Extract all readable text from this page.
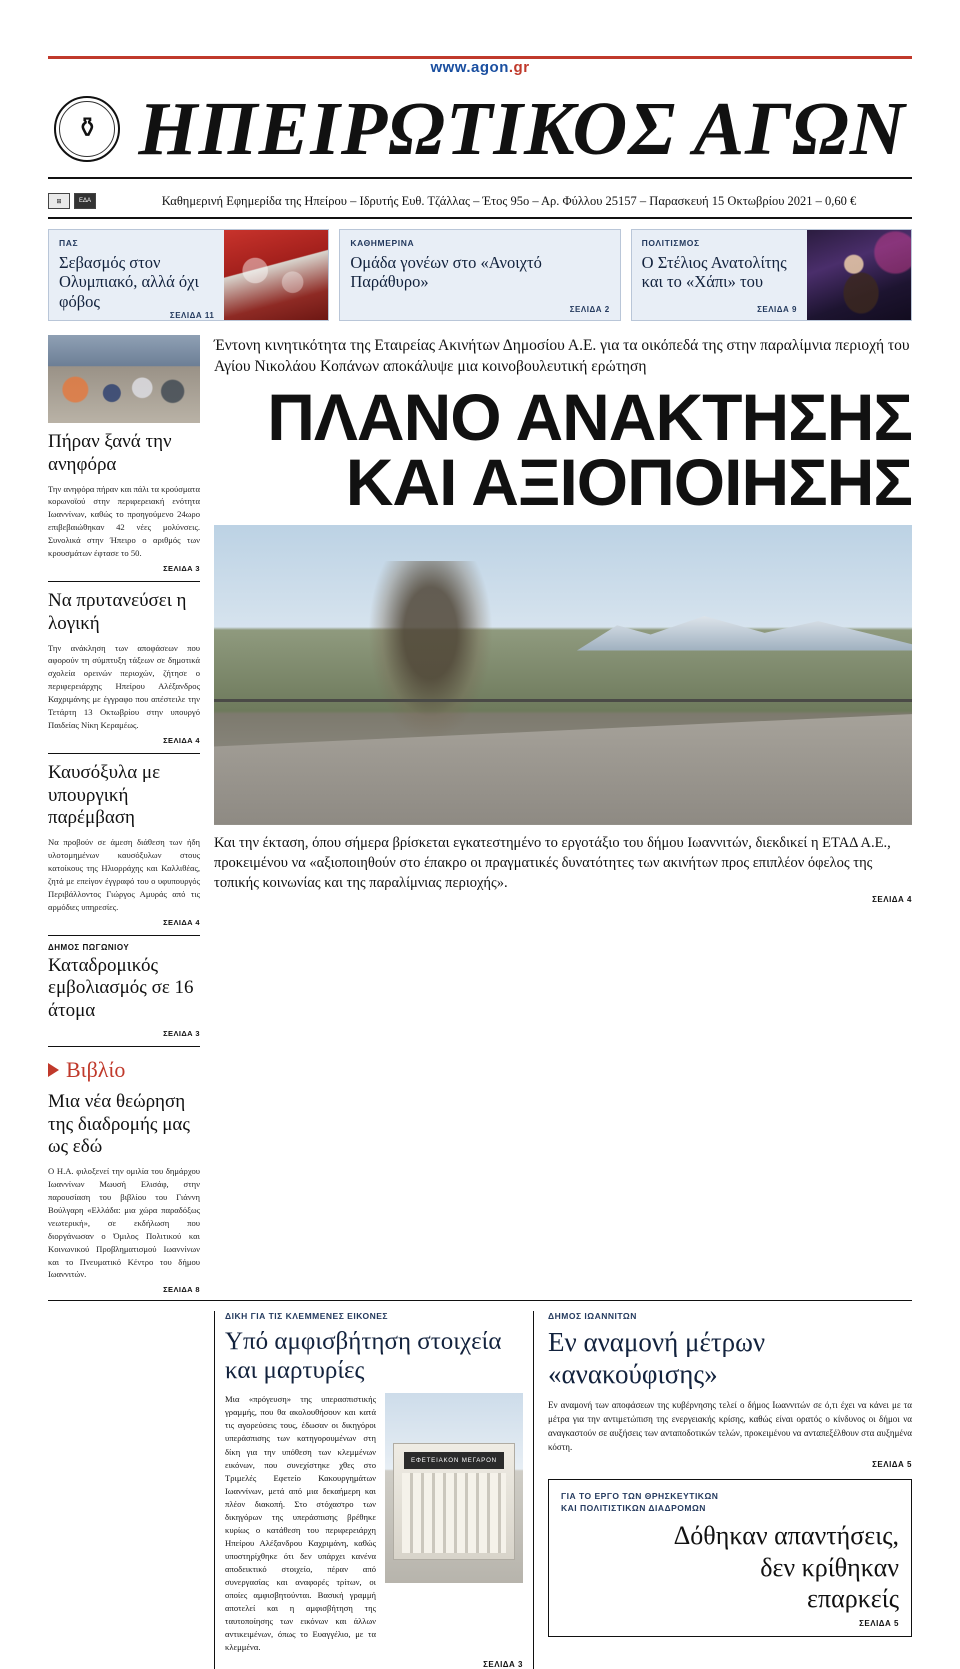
www.agon.gr
⚱ ΗΠΕΙΡΩΤΙΚΟΣ ΑΓΩΝ
⊞	ΕΔΑ	Καθημερινή Εφημερίδα της Ηπείρου – Ιδρυτής Ευθ. Τζάλλας – Έτος 95ο – Αρ. Φύλλου 25157 – Παρασκευή 15 Οκτωβρίου 2021 – 0,60 €
ΠΑΣ
Σεβασμός στον Ολυμπιακό, αλλά όχι φόβος
ΣΕΛΙΔΑ 11
ΚΑΘΗΜΕΡΙΝΑ
Ομάδα γονέων στο «Ανοιχτό Παράθυρο»
ΣΕΛΙΔΑ 2
ΠΟΛΙΤΙΣΜΟΣ
Ο Στέλιος Ανατολίτης και το «Χάπι» του
ΣΕΛΙΔΑ 9
Πήραν ξανά την ανηφόρα
Την ανηφόρα πήραν και πάλι τα κρούσματα κορωνοϊού στην περιφερειακή ενότητα Ιωαννίνων, καθώς το προηγούμενο 24ωρο επιβεβαιώθηκαν 42 νέες μολύνσεις. Συνολικά στην Ήπειρο ο αριθμός των κρουσμάτων έφτασε το 50.
ΣΕΛΙΔΑ 3
Να πρυτανεύσει η λογική
Την ανάκληση των αποφάσεων που αφορούν τη σύμπτυξη τάξεων σε δημοτικά σχολεία ορεινών περιοχών, ζήτησε ο περιφερειάρχης Ηπείρου Αλέξανδρος Καχριμάνης με έγγραφο που απέστειλε την Τετάρτη 13 Οκτωβρίου στην υπουργό Παιδείας Νίκη Κεραμέως.
ΣΕΛΙΔΑ 4
Καυσόξυλα με υπουργική παρέμβαση
Να προβούν σε άμεση διάθεση των ήδη υλοτομημένων καυσόξυλων στους κατοίκους της Ηλιορράχης και Καλλιθέας, ζητά με επείγον έγγραφό του ο υφυπουργός Περιβάλλοντος Γιώργος Αμυράς από τις αρμόδιες υπηρεσίες.
ΣΕΛΙΔΑ 4
ΔΗΜΟΣ ΠΩΓΩΝΙΟΥ
Καταδρομικός εμβολιασμός σε 16 άτομα
ΣΕΛΙΔΑ 3
Βιβλίο
Μια νέα θεώρηση της διαδρομής μας ως εδώ
Ο Η.Α. φιλοξενεί την ομιλία του δημάρχου Ιωαννίνων Μωυσή Ελισάφ, στην παρουσίαση του βιβλίου του Γιάννη Βούλγαρη «Ελλάδα: μια χώρα παραδόξως νεωτερική», σε εκδήλωση που διοργάνωσαν ο Όμιλος Πολιτικού και Κοινωνικού Προβληματισμού Ιωαννίνων και το Πνευματικό Κέντρο του δήμου Ιωαννιτών.
ΣΕΛΙΔΑ 8
Έντονη κινητικότητα της Εταιρείας Ακινήτων Δημοσίου Α.Ε. για τα οικόπεδά της στην παραλίμνια περιοχή του Αγίου Νικολάου Κοπάνων αποκάλυψε μια κοινοβουλευτική ερώτηση
ΠΛΑΝΟ ΑΝΑΚΤΗΣΗΣ
ΚΑΙ ΑΞΙΟΠΟΙΗΣΗΣ
Και την έκταση, όπου σήμερα βρίσκεται εγκατεστημένο το εργοτάξιο του δήμου Ιωαννιτών, διεκδικεί η ΕΤΑΔ Α.Ε., προκειμένου να «αξιοποιηθούν στο έπακρο οι πραγματικές δυνατότητες των ακινήτων προς επιπλέον όφελος της τοπικής κοινωνίας και της παραλίμνιας περιοχής».
ΣΕΛΙΔΑ 4
ΔΙΚΗ ΓΙΑ ΤΙΣ ΚΛΕΜΜΕΝΕΣ ΕΙΚΟΝΕΣ
Υπό αμφισβήτηση στοιχεία και μαρτυρίες
Μια «πρόγευση» της υπερασπιστικής γραμμής, που θα ακολουθήσουν και κατά τις αγορεύσεις τους, έδωσαν οι δικηγόροι υπεράσπισης των κατηγορουμένων στη δίκη για την υπόθεση των κλεμμένων εικόνων, που συνεχίστηκε χθες στο Τριμελές Εφετείο Κακουργημάτων Ιωαννίνων, μετά από μια δεκαήμερη και πλέον διακοπή. Στο στόχαστρο των δικηγόρων της υπεράσπισης βρέθηκε κυρίως ο κατάθεση του περιφερειάρχη Ηπείρου Αλέξανδρου Καχριμάνη, καθώς υποστηρίχθηκε ότι δεν υπάρχει κανένα αποδεικτικό στοιχείο, πέραν από συνεργασίας και αναφορές τρίτων, οι οποίες αμφισβητούνται. Βασική γραμμή αποτελεί και η αμφισβήτηση της ταυτοποίησης των εικόνων και άλλων αντικειμένων, όπως το Ευαγγέλιο, με τα κλεμμένα.
ΕΦΕΤΕΙΑΚΟΝ ΜΕΓΑΡΟΝ
ΣΕΛΙΔΑ 3
ΔΗΜΟΣ ΙΩΑΝΝΙΤΩΝ
Εν αναμονή μέτρων «ανακούφισης»
Εν αναμονή των αποφάσεων της κυβέρνησης τελεί ο δήμος Ιωαννιτών σε ό,τι έχει να κάνει με τα μέτρα για την αντιμετώπιση της ενεργειακής κρίσης, καθώς είναι ορατός ο κίνδυνος οι δήμοι να αναγκαστούν σε αυξήσεις των ανταποδοτικών τελών, προκειμένου να ανταπεξέλθουν στα αυξημένα κόστη.
ΣΕΛΙΔΑ 5
ΓΙΑ ΤΟ ΕΡΓΟ ΤΩΝ ΘΡΗΣΚΕΥΤΙΚΩΝ
ΚΑΙ ΠΟΛΙΤΙΣΤΙΚΩΝ ΔΙΑΔΡΟΜΩΝ
Δόθηκαν απαντήσεις,
δεν κρίθηκαν
επαρκείς
ΣΕΛΙΔΑ 5
